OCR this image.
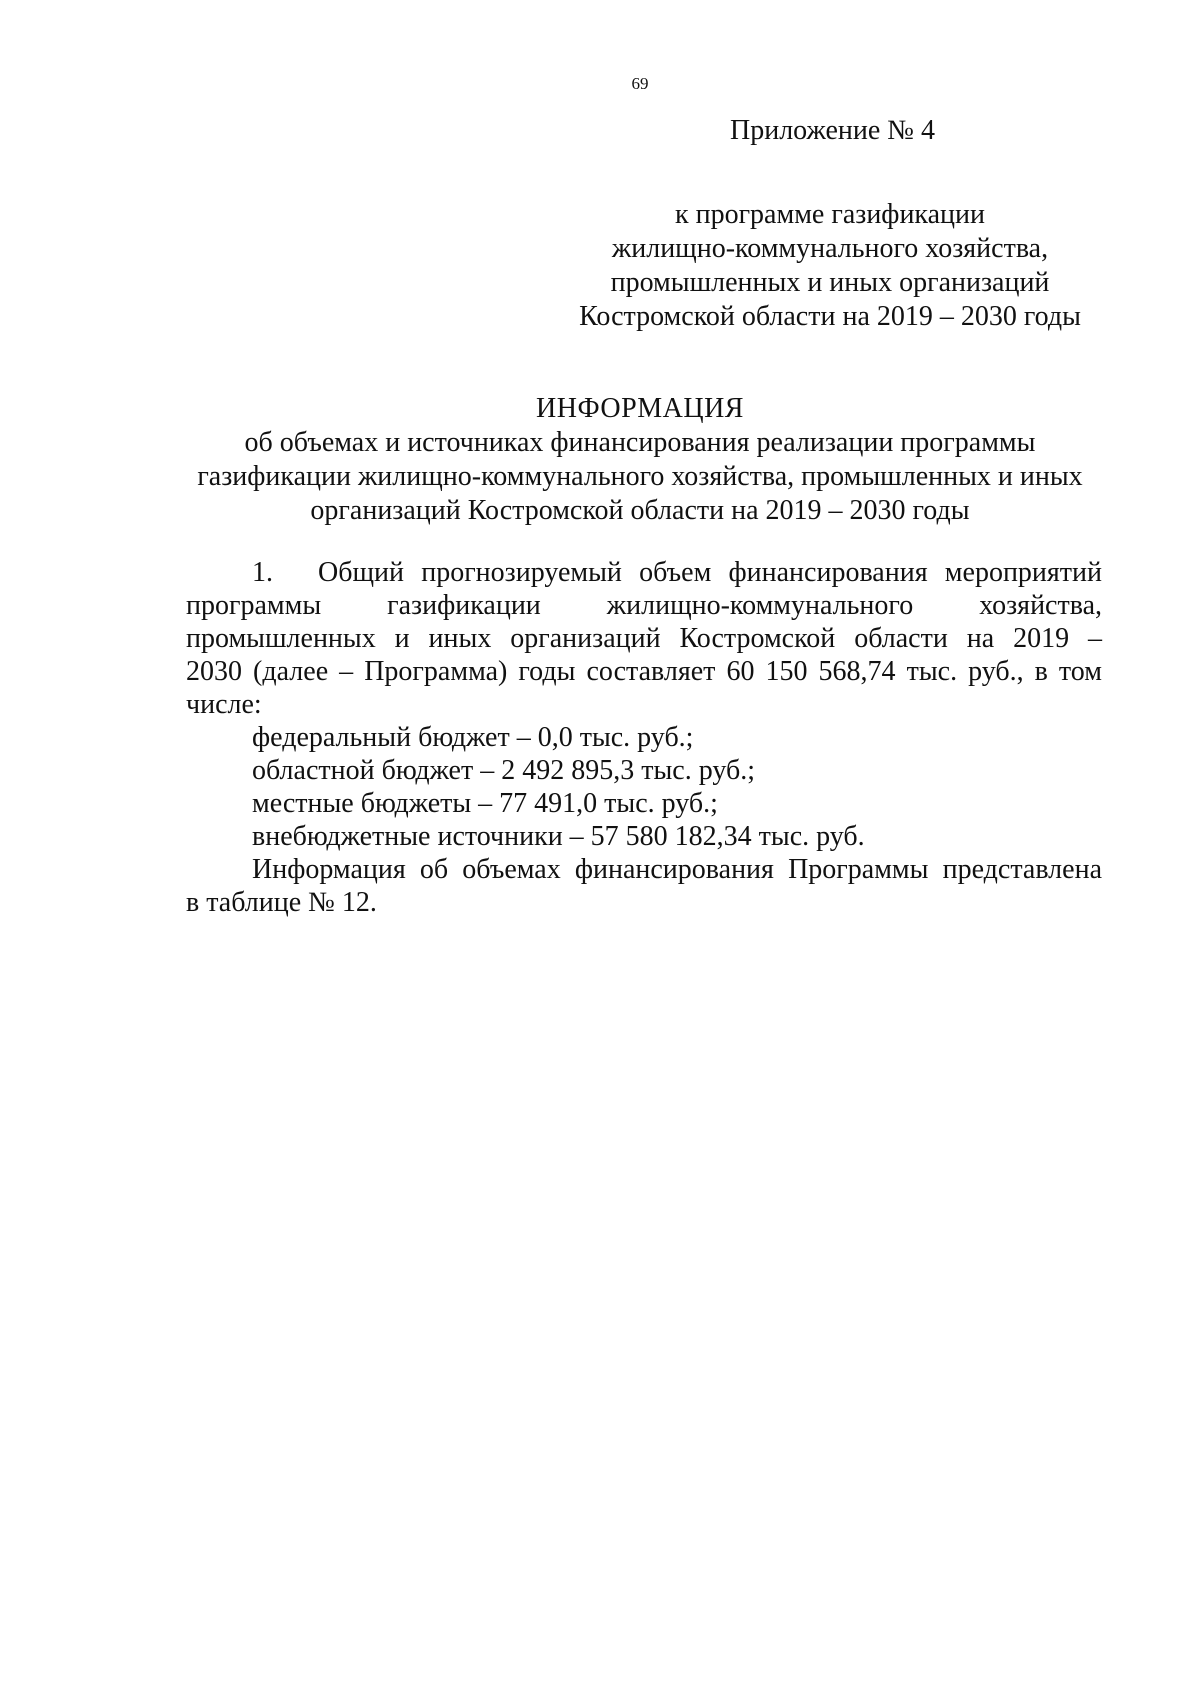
69
Приложение № 4
к программе газификации
жилищно-коммунального хозяйства,
промышленных и иных организаций
Костромской области на 2019 – 2030 годы
ИНФОРМАЦИЯ
об объемах и источниках финансирования реализации программы
газификации жилищно-коммунального хозяйства, промышленных и иных
организаций Костромской области на 2019 – 2030 годы
1.	Общий прогнозируемый объем финансирования мероприятий
программы газификации жилищно-коммунального хозяйства,
промышленных и иных организаций Костромской области на 2019 –
2030 (далее – Программа) годы составляет 60 150 568,74 тыс. руб., в том
числе:
федеральный бюджет – 0,0 тыс. руб.;
областной бюджет – 2 492 895,3 тыс. руб.;
местные бюджеты – 77 491,0 тыс. руб.;
внебюджетные источники – 57 580 182,34 тыс. руб.
Информация об объемах финансирования Программы представлена
в таблице № 12.
